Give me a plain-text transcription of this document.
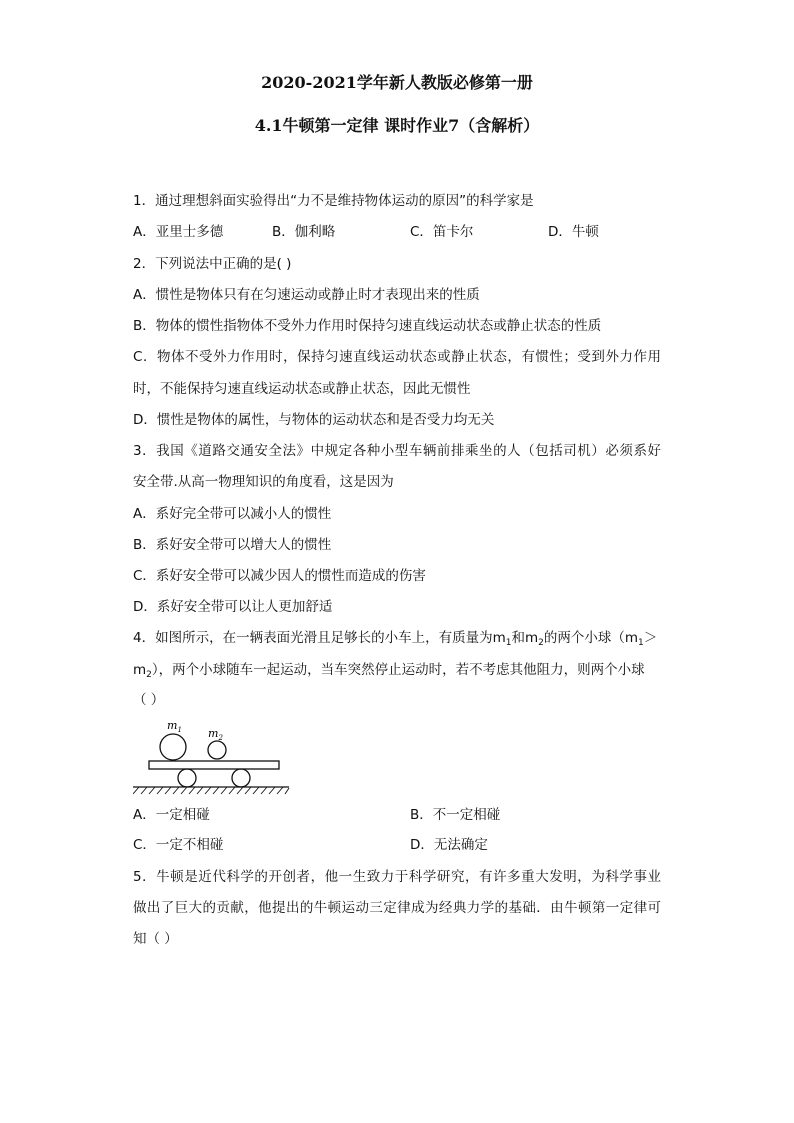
2020-2021学年新人教版必修第一册
4.1牛顿第一定律 课时作业7（含解析）
1．通过理想斜面实验得出“力不是维持物体运动的原因”的科学家是
A．亚里士多德	B．伽利略	C．笛卡尔	D．牛顿
2．下列说法中正确的是( )
A．惯性是物体只有在匀速运动或静止时才表现出来的性质
B．物体的惯性指物体不受外力作用时保持匀速直线运动状态或静止状态的性质
C．物体不受外力作用时，保持匀速直线运动状态或静止状态，有惯性；受到外力作用
时，不能保持匀速直线运动状态或静止状态，因此无惯性
D．惯性是物体的属性，与物体的运动状态和是否受力均无关
3．我国《道路交通安全法》中规定各种小型车辆前排乘坐的人（包括司机）必须系好
安全带.从高一物理知识的角度看，这是因为
A．系好完全带可以减小人的惯性
B．系好安全带可以增大人的惯性
C．系好安全带可以减少因人的惯性而造成的伤害
D．系好安全带可以让人更加舒适
4．如图所示，在一辆表面光滑且足够长的小车上，有质量为$m_1$和$m_2$的两个小球（$m_1>$
$m_2$），两个小球随车一起运动，当车突然停止运动时，若不考虑其他阻力，则两个小球
（ ）
$m_1$ $m_2$
A．一定相碰	B．不一定相碰
C．一定不相碰	D．无法确定
5．牛顿是近代科学的开创者，他一生致力于科学研究，有许多重大发明，为科学事业
做出了巨大的贡献，他提出的牛顿运动三定律成为经典力学的基础．由牛顿第一定律可
知（ ）
